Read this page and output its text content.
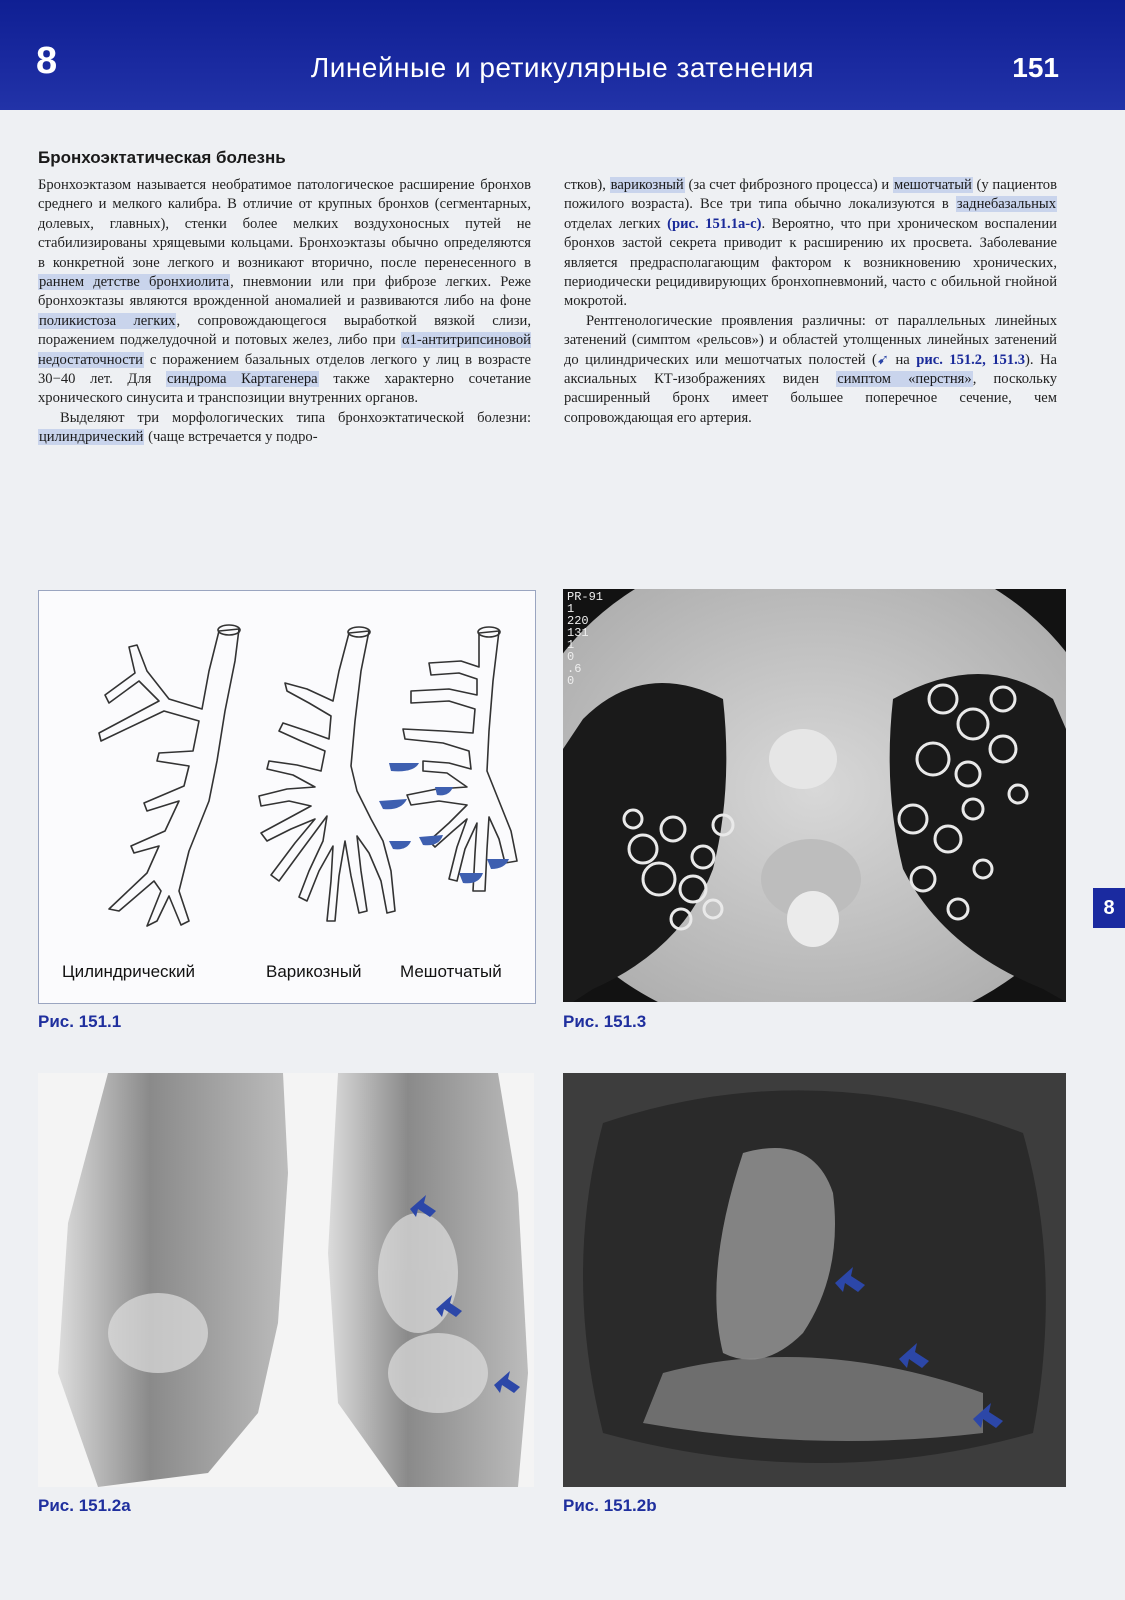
8	Линейные и ретикулярные затенения	151
8
Бронхоэктатическая болезнь

Бронхоэктазом называется необратимое патологическое расширение бронхов среднего и мелкого калибра. В отличие от крупных бронхов (сегментарных, долевых, главных), стенки более мелких воздухоносных путей не стабилизированы хрящевыми кольцами. Бронхоэктазы обычно определяются в конкретной зоне легкого и возникают вторично, после перенесенного в раннем детстве бронхиолита, пневмонии или при фиброзе легких. Реже бронхоэктазы являются врожденной аномалией и развиваются либо на фоне поликистоза легких, сопровождающегося выработкой вязкой слизи, поражением поджелудочной и потовых желез, либо при α1-антитрипсиновой недостаточности с поражением базальных отделов легкого у лиц в возрасте 30−40 лет. Для синдрома Картагенера также характерно сочетание хронического синусита и транспозиции внутренних органов.

Выделяют три морфологических типа бронхоэктатической болезни: цилиндрический (чаще встречается у подро-

стков), варикозный (за счет фиброзного процесса) и мешотчатый (у пациентов пожилого возраста). Все три типа обычно локализуются в заднебазальных отделах легких (рис. 151.1a-c). Вероятно, что при хроническом воспалении бронхов застой секрета приводит к расширению их просвета. Заболевание является предрасполагающим фактором к возникновению хронических, периодически рецидивирующих бронхопневмоний, часто с обильной гнойной мокротой.

Рентгенологические проявления различны: от параллельных линейных затенений (симптом «рельсов») и областей утолщенных линейных затенений до цилиндрических или мешотчатых полостей (➹ на рис. 151.2, 151.3). На аксиальных КТ-изображениях виден симптом «перстня», поскольку расширенный бронх имеет большее поперечное сечение, чем сопровождающая его артерия.

Цилиндрический	Варикозный Мешотчатый
Рис. 151.1
PR-91
1
220
131
1
0
.6
0
Рис. 151.3
Рис. 151.2a	Рис. 151.2b
